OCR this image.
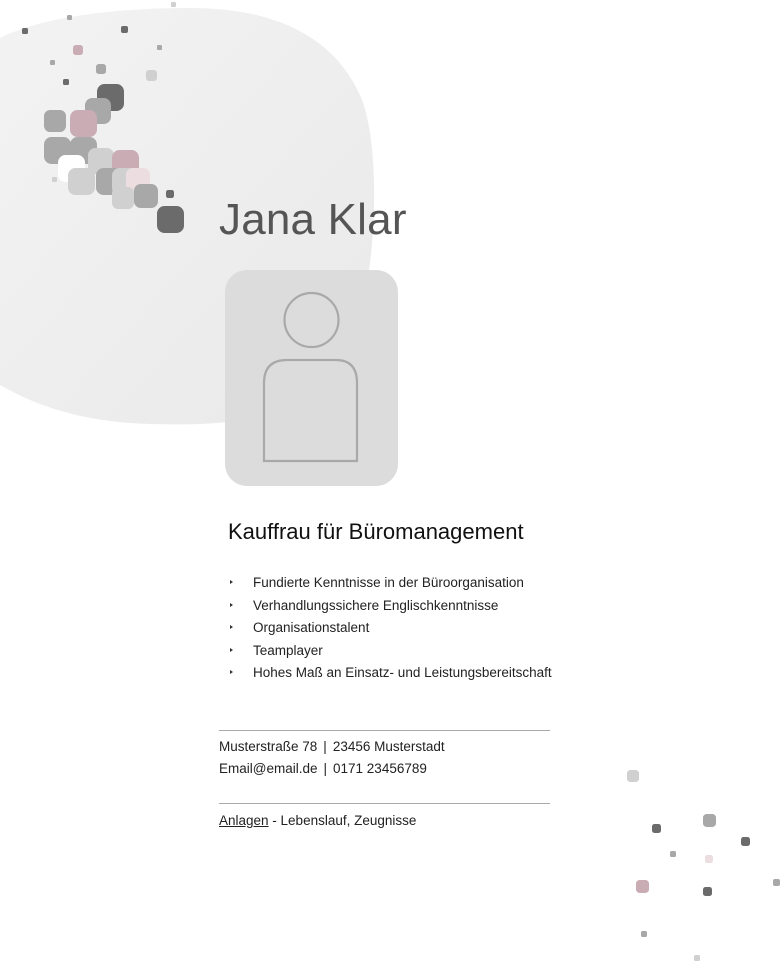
Jana Klar
Kauffrau für Büromanagement
Fundierte Kenntnisse in der Büroorganisation
Verhandlungssichere Englischkenntnisse
Organisationstalent
Teamplayer
Hohes Maß an Einsatz- und Leistungsbereitschaft
Musterstraße 78 | 23456 Musterstadt
Email@email.de | 0171 23456789
Anlagen - Lebenslauf, Zeugnisse
